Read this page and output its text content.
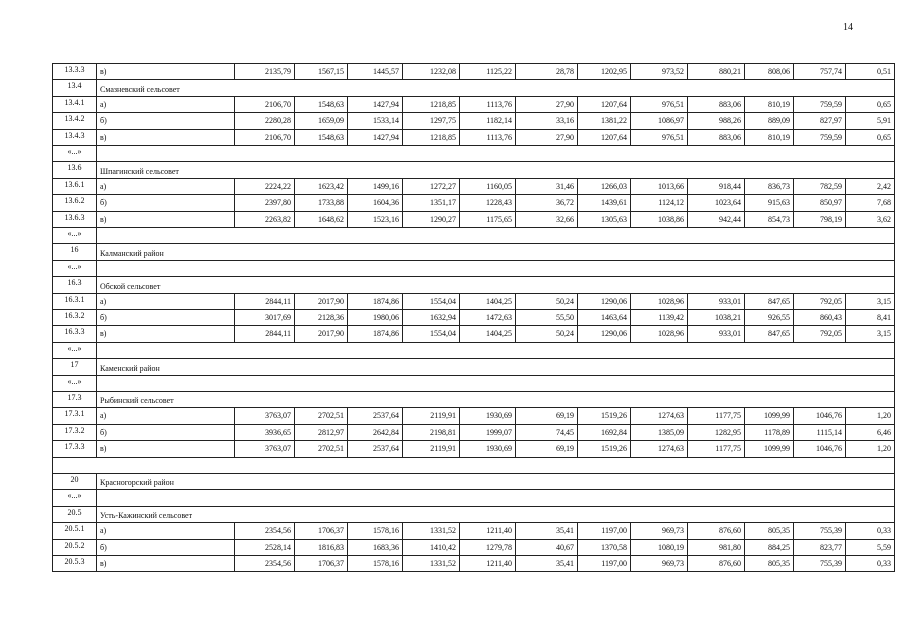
14
13.3.3	в)	2135,79	1567,15	1445,57	1232,08	1125,22	28,78	1202,95	973,52	880,21	808,06	757,74	0,51
13.4	Смазневский сельсовет												
13.4.1	а)	2106,70	1548,63	1427,94	1218,85	1113,76	27,90	1207,64	976,51	883,06	810,19	759,59	0,65
13.4.2	б)	2280,28	1659,09	1533,14	1297,75	1182,14	33,16	1381,22	1086,97	988,26	889,09	827,97	5,91
13.4.3	в)	2106,70	1548,63	1427,94	1218,85	1113,76	27,90	1207,64	976,51	883,06	810,19	759,59	0,65
«...»													
13.6	Шпагинский сельсовет												
13.6.1	а)	2224,22	1623,42	1499,16	1272,27	1160,05	31,46	1266,03	1013,66	918,44	836,73	782,59	2,42
13.6.2	б)	2397,80	1733,88	1604,36	1351,17	1228,43	36,72	1439,61	1124,12	1023,64	915,63	850,97	7,68
13.6.3	в)	2263,82	1648,62	1523,16	1290,27	1175,65	32,66	1305,63	1038,86	942,44	854,73	798,19	3,62
«...»													
16	Калманский район												
«...»													
16.3	Обской сельсовет												
16.3.1	а)	2844,11	2017,90	1874,86	1554,04	1404,25	50,24	1290,06	1028,96	933,01	847,65	792,05	3,15
16.3.2	б)	3017,69	2128,36	1980,06	1632,94	1472,63	55,50	1463,64	1139,42	1038,21	926,55	860,43	8,41
16.3.3	в)	2844,11	2017,90	1874,86	1554,04	1404,25	50,24	1290,06	1028,96	933,01	847,65	792,05	3,15
«...»													
17	Каменский район												
«...»													
17.3	Рыбинский сельсовет												
17.3.1	а)	3763,07	2702,51	2537,64	2119,91	1930,69	69,19	1519,26	1274,63	1177,75	1099,99	1046,76	1,20
17.3.2	б)	3936,65	2812,97	2642,84	2198,81	1999,07	74,45	1692,84	1385,09	1282,95	1178,89	1115,14	6,46
17.3.3	в)	3763,07	2702,51	2537,64	2119,91	1930,69	69,19	1519,26	1274,63	1177,75	1099,99	1046,76	1,20

20	Красногорский район												
«...»													
20.5	Усть-Кажинский сельсовет												
20.5.1	а)	2354,56	1706,37	1578,16	1331,52	1211,40	35,41	1197,00	969,73	876,60	805,35	755,39	0,33
20.5.2	б)	2528,14	1816,83	1683,36	1410,42	1279,78	40,67	1370,58	1080,19	981,80	884,25	823,77	5,59
20.5.3	в)	2354,56	1706,37	1578,16	1331,52	1211,40	35,41	1197,00	969,73	876,60	805,35	755,39	0,33
